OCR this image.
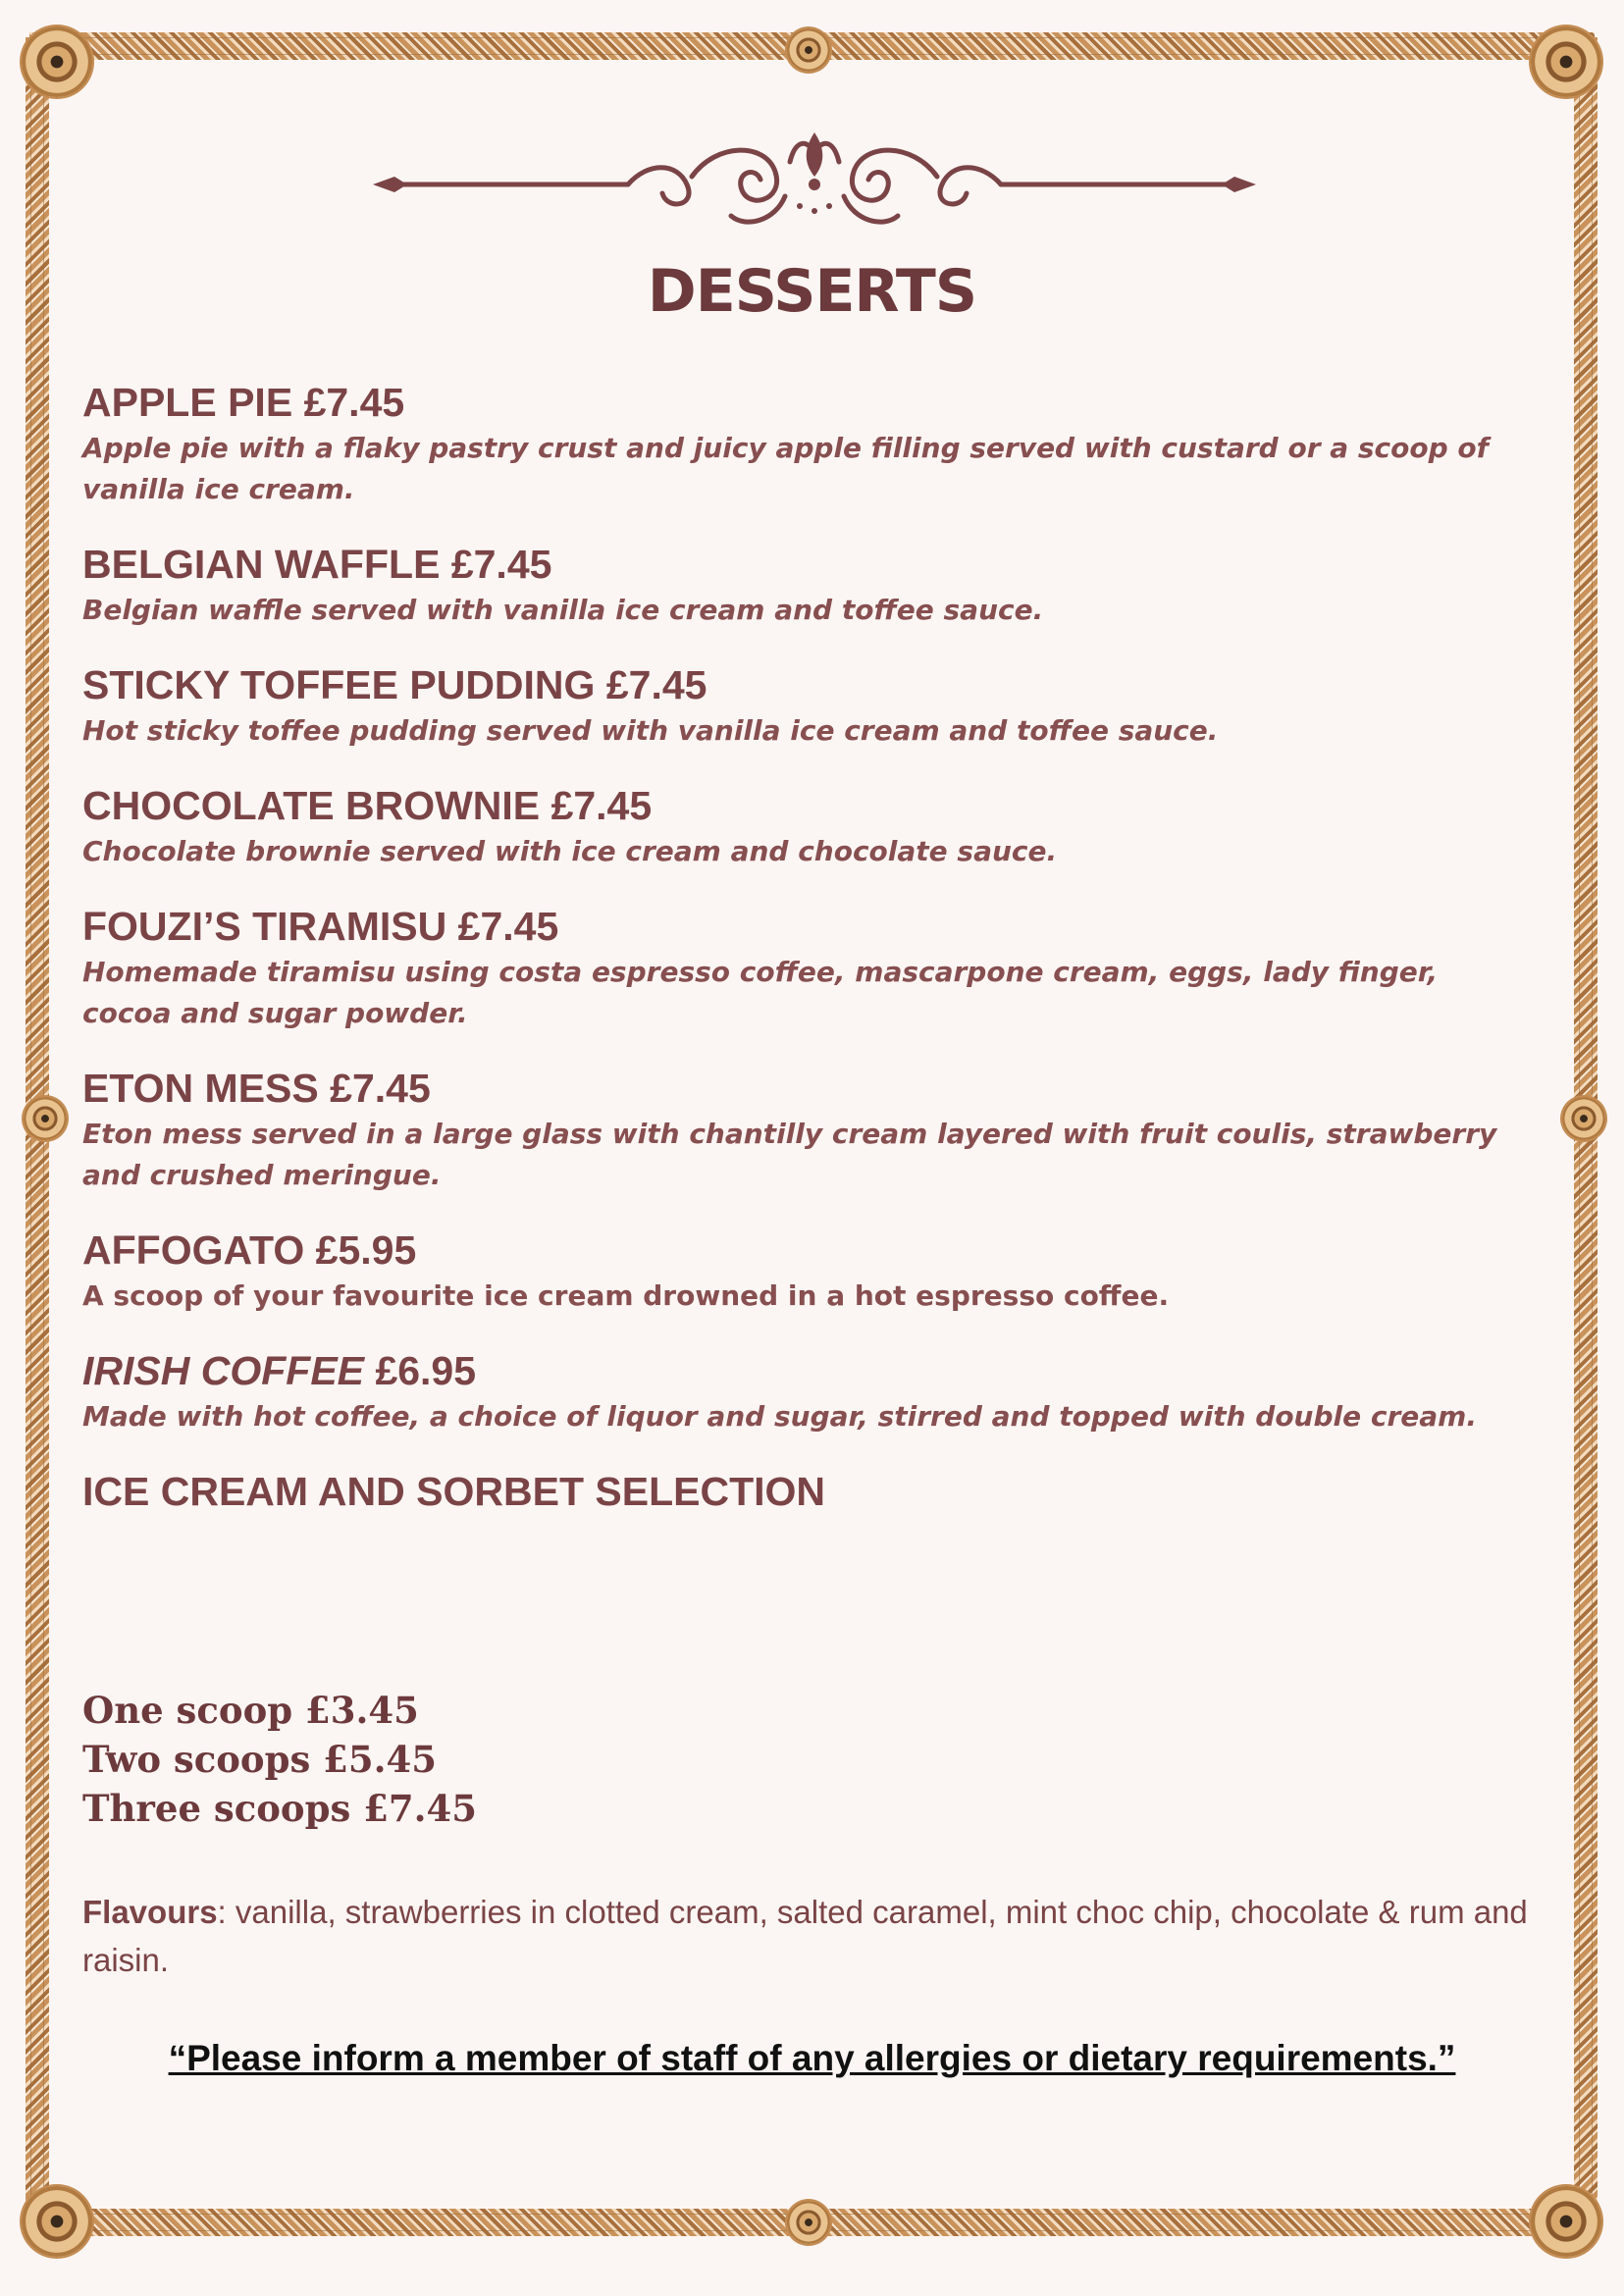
DESSERTS

APPLE PIE £7.45

Apple pie with a flaky pastry crust and juicy apple filling served with custard or a scoop of vanilla ice cream.

BELGIAN WAFFLE £7.45

Belgian waffle served with vanilla ice cream and toffee sauce.

STICKY TOFFEE PUDDING £7.45

Hot sticky toffee pudding served with vanilla ice cream and toffee sauce.

CHOCOLATE BROWNIE £7.45

Chocolate brownie served with ice cream and chocolate sauce.

FOUZI’S TIRAMISU £7.45

Homemade tiramisu using costa espresso coffee, mascarpone cream, eggs, lady finger, cocoa and sugar powder.

ETON MESS £7.45

Eton mess served in a large glass with chantilly cream layered with fruit coulis, strawberry and crushed meringue.

AFFOGATO £5.95

A scoop of your favourite ice cream drowned in a hot espresso coffee.

IRISH COFFEE £6.95

Made with hot coffee, a choice of liquor and sugar, stirred and topped with double cream.

ICE CREAM AND SORBET SELECTION

One scoop £3.45

Two scoops £5.45

Three scoops £7.45

Flavours: vanilla, strawberries in clotted cream, salted caramel, mint choc chip, chocolate & rum and raisin.

“Please inform a member of staff of any allergies or dietary requirements.”
